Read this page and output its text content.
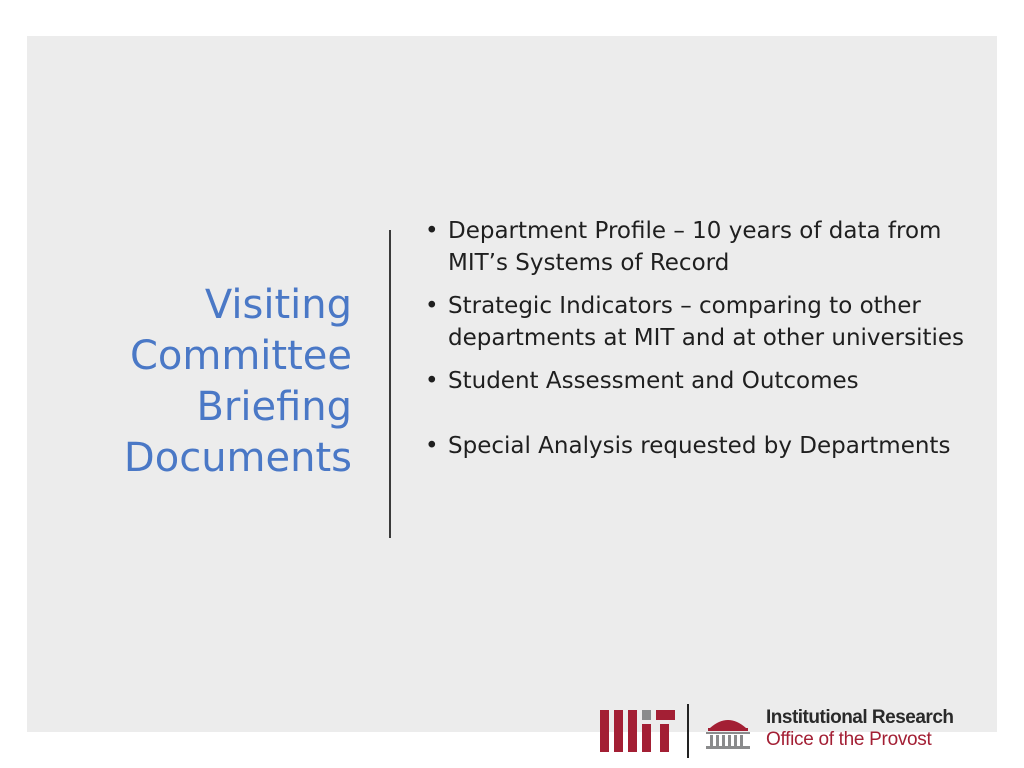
Visiting
Committee
Briefing
Documents
• Department Profile – 10 years of data from MIT’s Systems of Record
• Strategic Indicators – comparing to other departments at MIT and at other universities
• Student Assessment and Outcomes
• Special Analysis requested by Departments
Institutional Research
Office of the Provost
